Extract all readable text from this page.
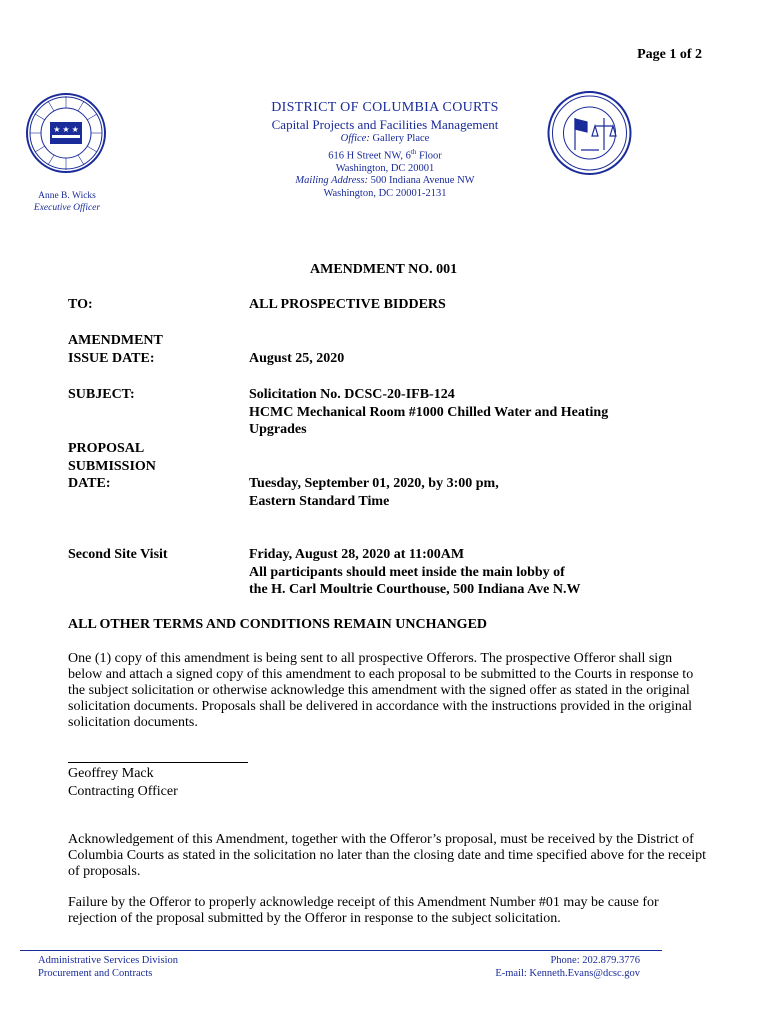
Page 1 of 2
★ ★ ★
DISTRICT OF COLUMBIA COURTS
Capital Projects and Facilities Management
Office: Gallery Place
616 H Street NW, 6th Floor
Washington, DC 20001
Mailing Address: 500 Indiana Avenue NW
Washington, DC 20001-2131
Anne B. Wicks
Executive Officer
AMENDMENT NO. 001
TO:	ALL PROSPECTIVE BIDDERS
AMENDMENT
ISSUE DATE:	August 25, 2020
SUBJECT:	Solicitation No. DCSC-20-IFB-124
HCMC Mechanical Room #1000 Chilled Water and Heating
Upgrades
PROPOSAL
SUBMISSION
DATE:	Tuesday, September 01, 2020, by 3:00 pm,
Eastern Standard Time
Second Site Visit	Friday, August 28, 2020 at 11:00AM
All participants should meet inside the main lobby of
the H. Carl Moultrie Courthouse, 500 Indiana Ave N.W
ALL OTHER TERMS AND CONDITIONS REMAIN UNCHANGED
One (1) copy of this amendment is being sent to all prospective Offerors. The prospective Offeror shall sign below and attach a signed copy of this amendment to each proposal to be submitted to the Courts in response to the subject solicitation or otherwise acknowledge this amendment with the signed offer as stated in the original solicitation documents. Proposals shall be delivered in accordance with the instructions provided in the original solicitation documents.
Geoffrey Mack
Contracting Officer
Acknowledgement of this Amendment, together with the Offeror’s proposal, must be received by the District of Columbia Courts as stated in the solicitation no later than the closing date and time specified above for the receipt of proposals.
Failure by the Offeror to properly acknowledge receipt of this Amendment Number #01 may be cause for rejection of the proposal submitted by the Offeror in response to the subject solicitation.
Administrative Services Division
Procurement and Contracts
Phone: 202.879.3776
E-mail: Kenneth.Evans@dcsc.gov
